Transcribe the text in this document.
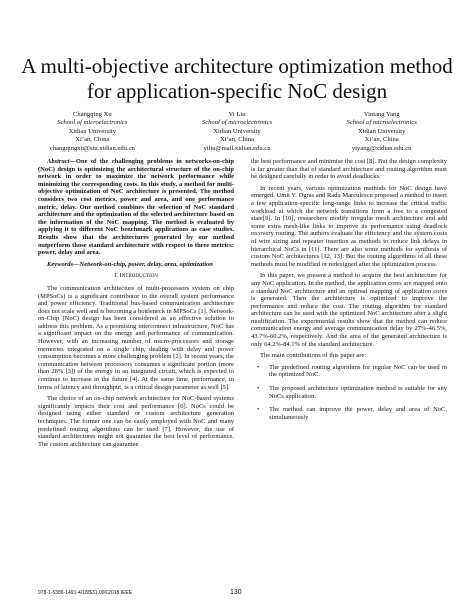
A multi-objective architecture optimization method for application-specific NoC design
Changqing Xu
School of microelectronics
Xidian University
Xi’an, China
changqingxu@stu.xidian.edu.cn
Yi Liu
School of microelectronics
Xidian University
Xi’an, China
yiliu@mail.xidian.edu.cn
Yintang Yang
School of microelectronics
Xidian University
Xi’an, China
ytyang@xidian.edu.cn

Abstract—One of the challenging problems in networks-on-chip (NoC) design is optimizing the architectural structure of the on-chip network in order to maximize the network performance while minimizing the corresponding costs. In this study, a method for multi-objective optimization of NoC architecture is presented. The method considers two cost metrics, power and area, and one performance metric, delay. Our method combines the selection of NoC standard architecture and the optimization of the selected architecture based on the information of the NoC mapping. The method is evaluated by applying it to different NoC benchmark applications as case studies. Results show that the architectures generated by our method outperform those standard architecture with respect to three metrics: power, delay and area.

Keywords—Network-on-chip, power, delay, area, optimization

I. Introduction

The communication architecture of multi-processors system on chip (MPSoCs) is a significant contributor to the overall system performance and power efficiency. Traditional bus-based communication architecture does not scale well and is becoming a bottleneck in MPSoCs [1]. Network-on-Chip (NoC) design has been considered as an effective solution to address this problem. As a promising interconnect infrastructure, NoC has a significant impact on the energy and performance of communication. However, with an increasing number of micro-processors and storage memories integrated on a single chip, dealing with delay and power consumption becomes a more challenging problem [2]. In recent years, the communication between processors consumes a significant portion (more than 28% [3]) of the energy in an integrated circuit, which is expected to continue to increase in the future [4]. At the same time, performance, in terms of latency and throughput, is a critical design parameter as well [5].

The choice of an on-chip network architecture for NoC-based systems significantly impacts their cost and performance [6]. NoCs could be designed using either standard or custom architecture generation techniques. The former one can be easily employed with NoC and many predefined routing algorithms can be used [7]. However, the use of standard architectures might not guarantee the best level of performance. The custom architecture can guarantee

the best performance and minimise the cost [8]. But the design complexity is far greater than that of standard architecture and routing algorithm must be designed carefully in order to avoid deadlocks.

In recent years, various optimization methods for NoC design have emerged. Umit Y. Ogras and Radu Marculescu proposed a method to insert a few application-specific long-range links to increase the critical traffic workload at which the network transitions from a free to a congested state[9]. In [10], researchers modify irregular mesh architecture and add some extra mesh-like links to improve its performance using deadlock recovery routing. The authors evaluate the efficiency and the system costs of wire sizing and repeater insertion as methods to reduce link delays in hierarchical NoCs in [11]. There are also some methods for synthesis of custom NoC architectures [12, 13]. But the routing algorithms of all these methods must be modified or redesigned after the optimization process.

In this paper, we present a method to acquire the best architecture for any NoC application. In the method, the application cores are mapped onto a standard NoC architecture and an optimal mapping of application cores is generated. Then the architecture is optimized to improve the performance and reduce the cost. The routing algorithm for standard architecture can be used with the optimized NoC architecture after a slight modification. The experimental results show that the method can reduce communication energy and average communication delay by 27%-46.5%, 43.7%-60.2%, respectively. And the area of the generated architecture is only 64.2%-84.1% of the standard architecture.

The main contributions of this paper are:

• The predefined routing algorithms for regular NoC can be used in the optimized NoC.
• The proposed architecture optimization method is suitable for any NoCs application.
• The method can improve the power, delay and area of NoC, simultaneously
978-1-5386-1491-4/18/$31.00©2018 IEEE	130
